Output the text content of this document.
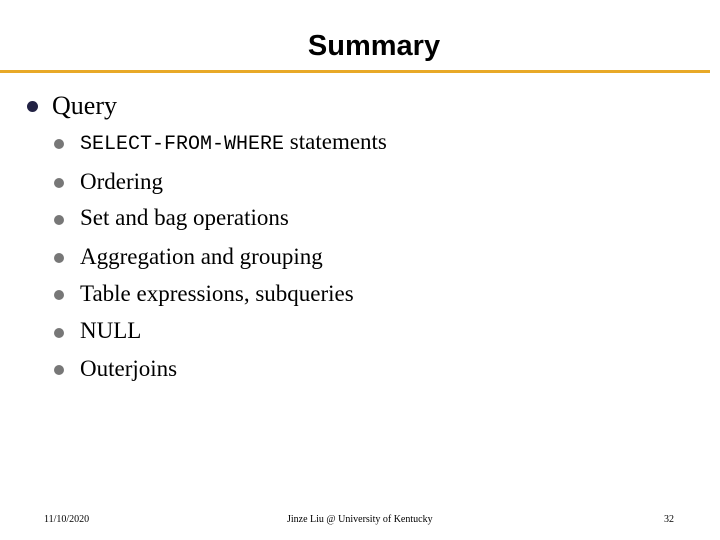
Summary
Query
SELECT-FROM-WHERE statements
Ordering
Set and bag operations
Aggregation and grouping
Table expressions, subqueries
NULL
Outerjoins
11/10/2020	Jinze Liu @ University of Kentucky	32
